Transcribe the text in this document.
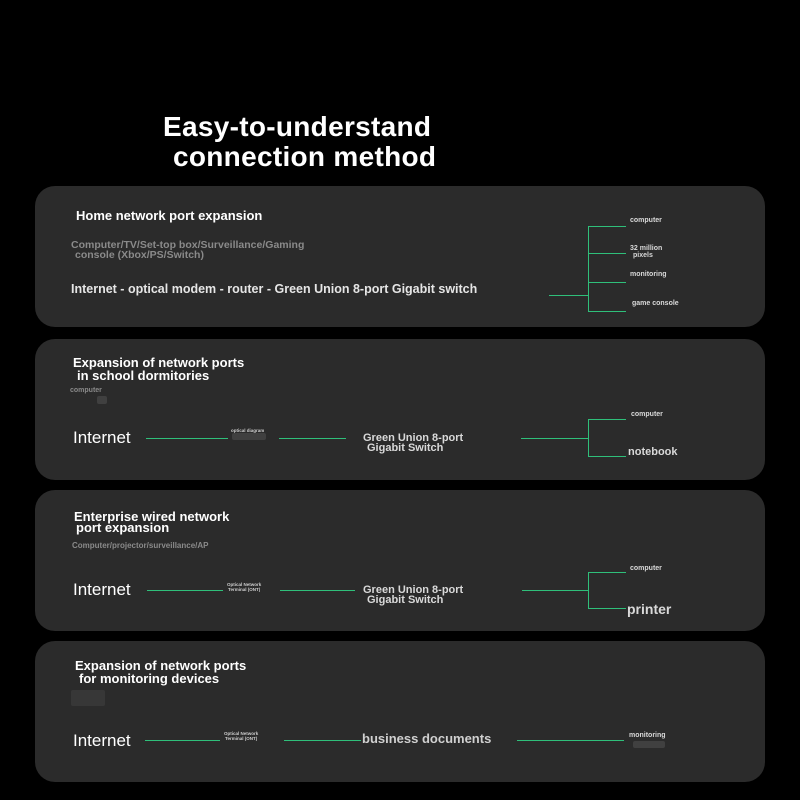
Easy-to-understand
connection method
Home network port expansion
Computer/TV/Set-top box/Surveillance/Gaming
console (Xbox/PS/Switch)
Internet - optical modem - router - Green Union 8-port Gigabit switch
computer
32 million
pixels
monitoring
game console
Expansion of network ports
in school dormitories
computer
Internet	optical diagram
Green Union 8-port
Gigabit Switch
computer
notebook
Enterprise wired network
port expansion
Computer/projector/surveillance/AP
Internet	Optical Network
Terminal (ONT)	Green Union 8-port
Gigabit Switch
computer
printer
Expansion of network ports
for monitoring devices
Internet	Optical Network
Terminal (ONT)	business documents	monitoring
